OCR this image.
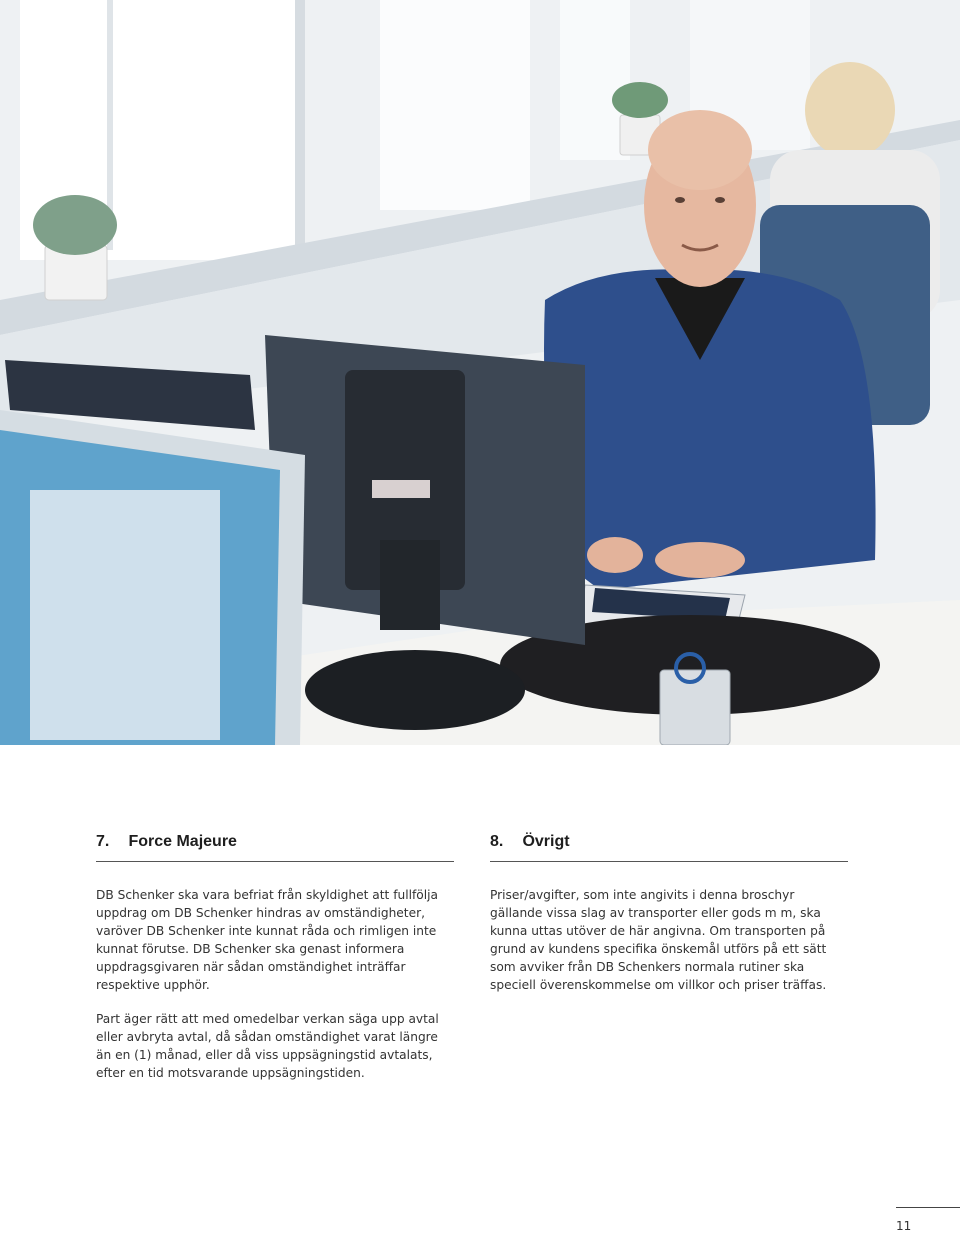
7. Force Majeure

DB Schenker ska vara befriat från skyldighet att fullfölja uppdrag om DB Schenker hindras av omständigheter, varöver DB Schenker inte kunnat råda och rimligen inte kunnat förutse. DB Schenker ska genast informera uppdragsgivaren när sådan omständighet inträffar respektive upphör.

Part äger rätt att med omedelbar verkan säga upp avtal eller avbryta avtal, då sådan omständighet varat längre än en (1) månad, eller då viss uppsägningstid avtalats, efter en tid motsvarande uppsägningstiden.

8. Övrigt

Priser/avgifter, som inte angivits i denna broschyr gällande vissa slag av transporter eller gods m m, ska kunna uttas utöver de här angivna. Om transporten på grund av kundens specifika önskemål utförs på ett sätt som avviker från DB Schenkers normala rutiner ska speciell överenskommelse om villkor och priser träffas.

11
